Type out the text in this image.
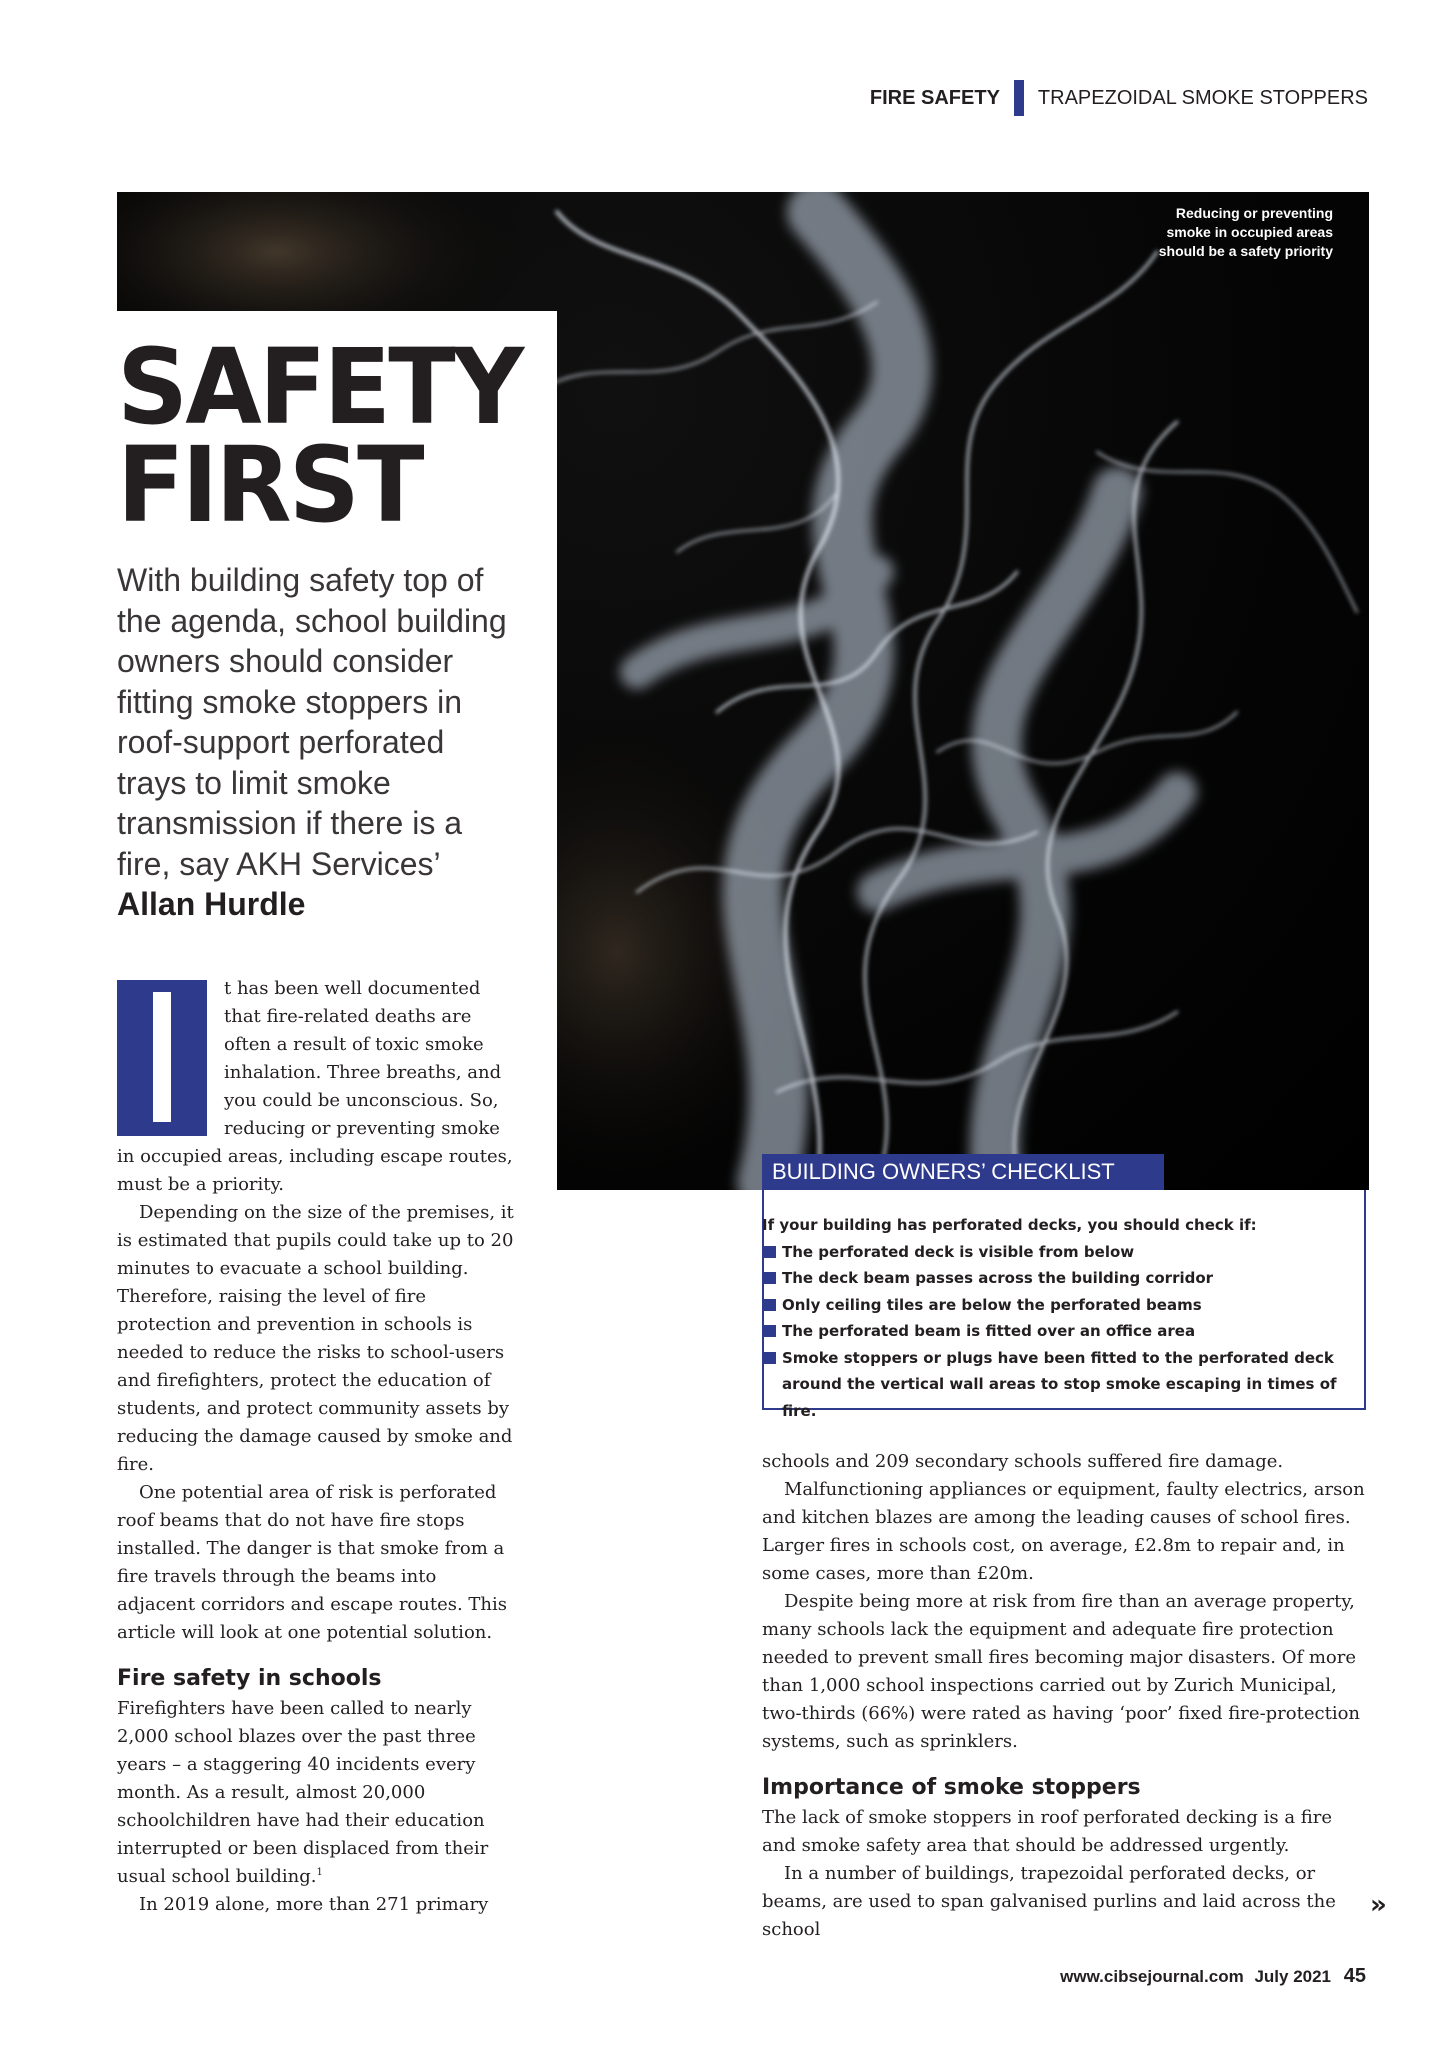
FIRE SAFETY TRAPEZOIDAL SMOKE STOPPERS
Reducing or preventing smoke in occupied areas should be a safety priority
SAFETY
FIRST
With building safety top of the agenda, school building owners should consider fitting smoke stoppers in roof-support perforated trays to limit smoke transmission if there is a fire, say AKH Services’
Allan Hurdle
t has been well documented that fire-related deaths are often a result of toxic smoke inhalation. Three breaths, and you could be unconscious. So, reducing or preventing smoke

in occupied areas, including escape routes, must be a priority.

Depending on the size of the premises, it is estimated that pupils could take up to 20 minutes to evacuate a school building. Therefore, raising the level of fire protection and prevention in schools is needed to reduce the risks to school-users and firefighters, protect the education of students, and protect community assets by reducing the damage caused by smoke and fire.

One potential area of risk is perforated roof beams that do not have fire stops installed. The danger is that smoke from a fire travels through the beams into adjacent corridors and escape routes. This article will look at one potential solution.

Fire safety in schools

Firefighters have been called to nearly 2,000 school blazes over the past three years – a staggering 40 incidents every month. As a result, almost 20,000 schoolchildren have had their education interrupted or been displaced from their usual school building.$^1$

In 2019 alone, more than 271 primary

BUILDING OWNERS’ CHECKLIST
If your building has perforated decks, you should check if:
The perforated deck is visible from below
The deck beam passes across the building corridor
Only ceiling tiles are below the perforated beams
The perforated beam is fitted over an office area
Smoke stoppers or plugs have been fitted to the perforated deck around the vertical wall areas to stop smoke escaping in times of fire.

schools and 209 secondary schools suffered fire damage.

Malfunctioning appliances or equipment, faulty electrics, arson and kitchen blazes are among the leading causes of school fires. Larger fires in schools cost, on average, £2.8m to repair and, in some cases, more than £20m.

Despite being more at risk from fire than an average property, many schools lack the equipment and adequate fire protection needed to prevent small fires becoming major disasters. Of more than 1,000 school inspections carried out by Zurich Municipal, two-thirds (66%) were rated as having ‘poor’ fixed fire-protection systems, such as sprinklers.

Importance of smoke stoppers

The lack of smoke stoppers in roof perforated decking is a fire and smoke safety area that should be addressed urgently.

In a number of buildings, trapezoidal perforated decks, or beams, are used to span galvanised purlins and laid across the school

»
www.cibsejournal.com July 2021 45
